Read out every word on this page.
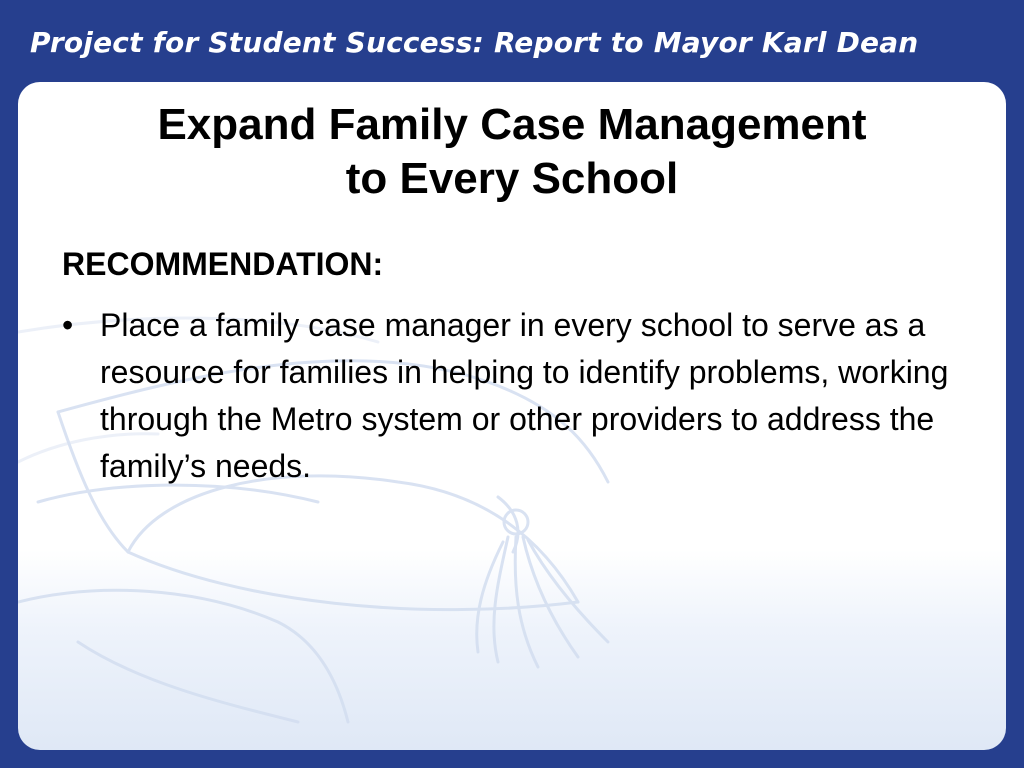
Project for Student Success: Report to Mayor Karl Dean
Expand Family Case Management
to Every School
RECOMMENDATION:
• Place a family case manager in every school to serve as a resource for families in helping to identify problems, working through the Metro system or other providers to address the family’s needs.
